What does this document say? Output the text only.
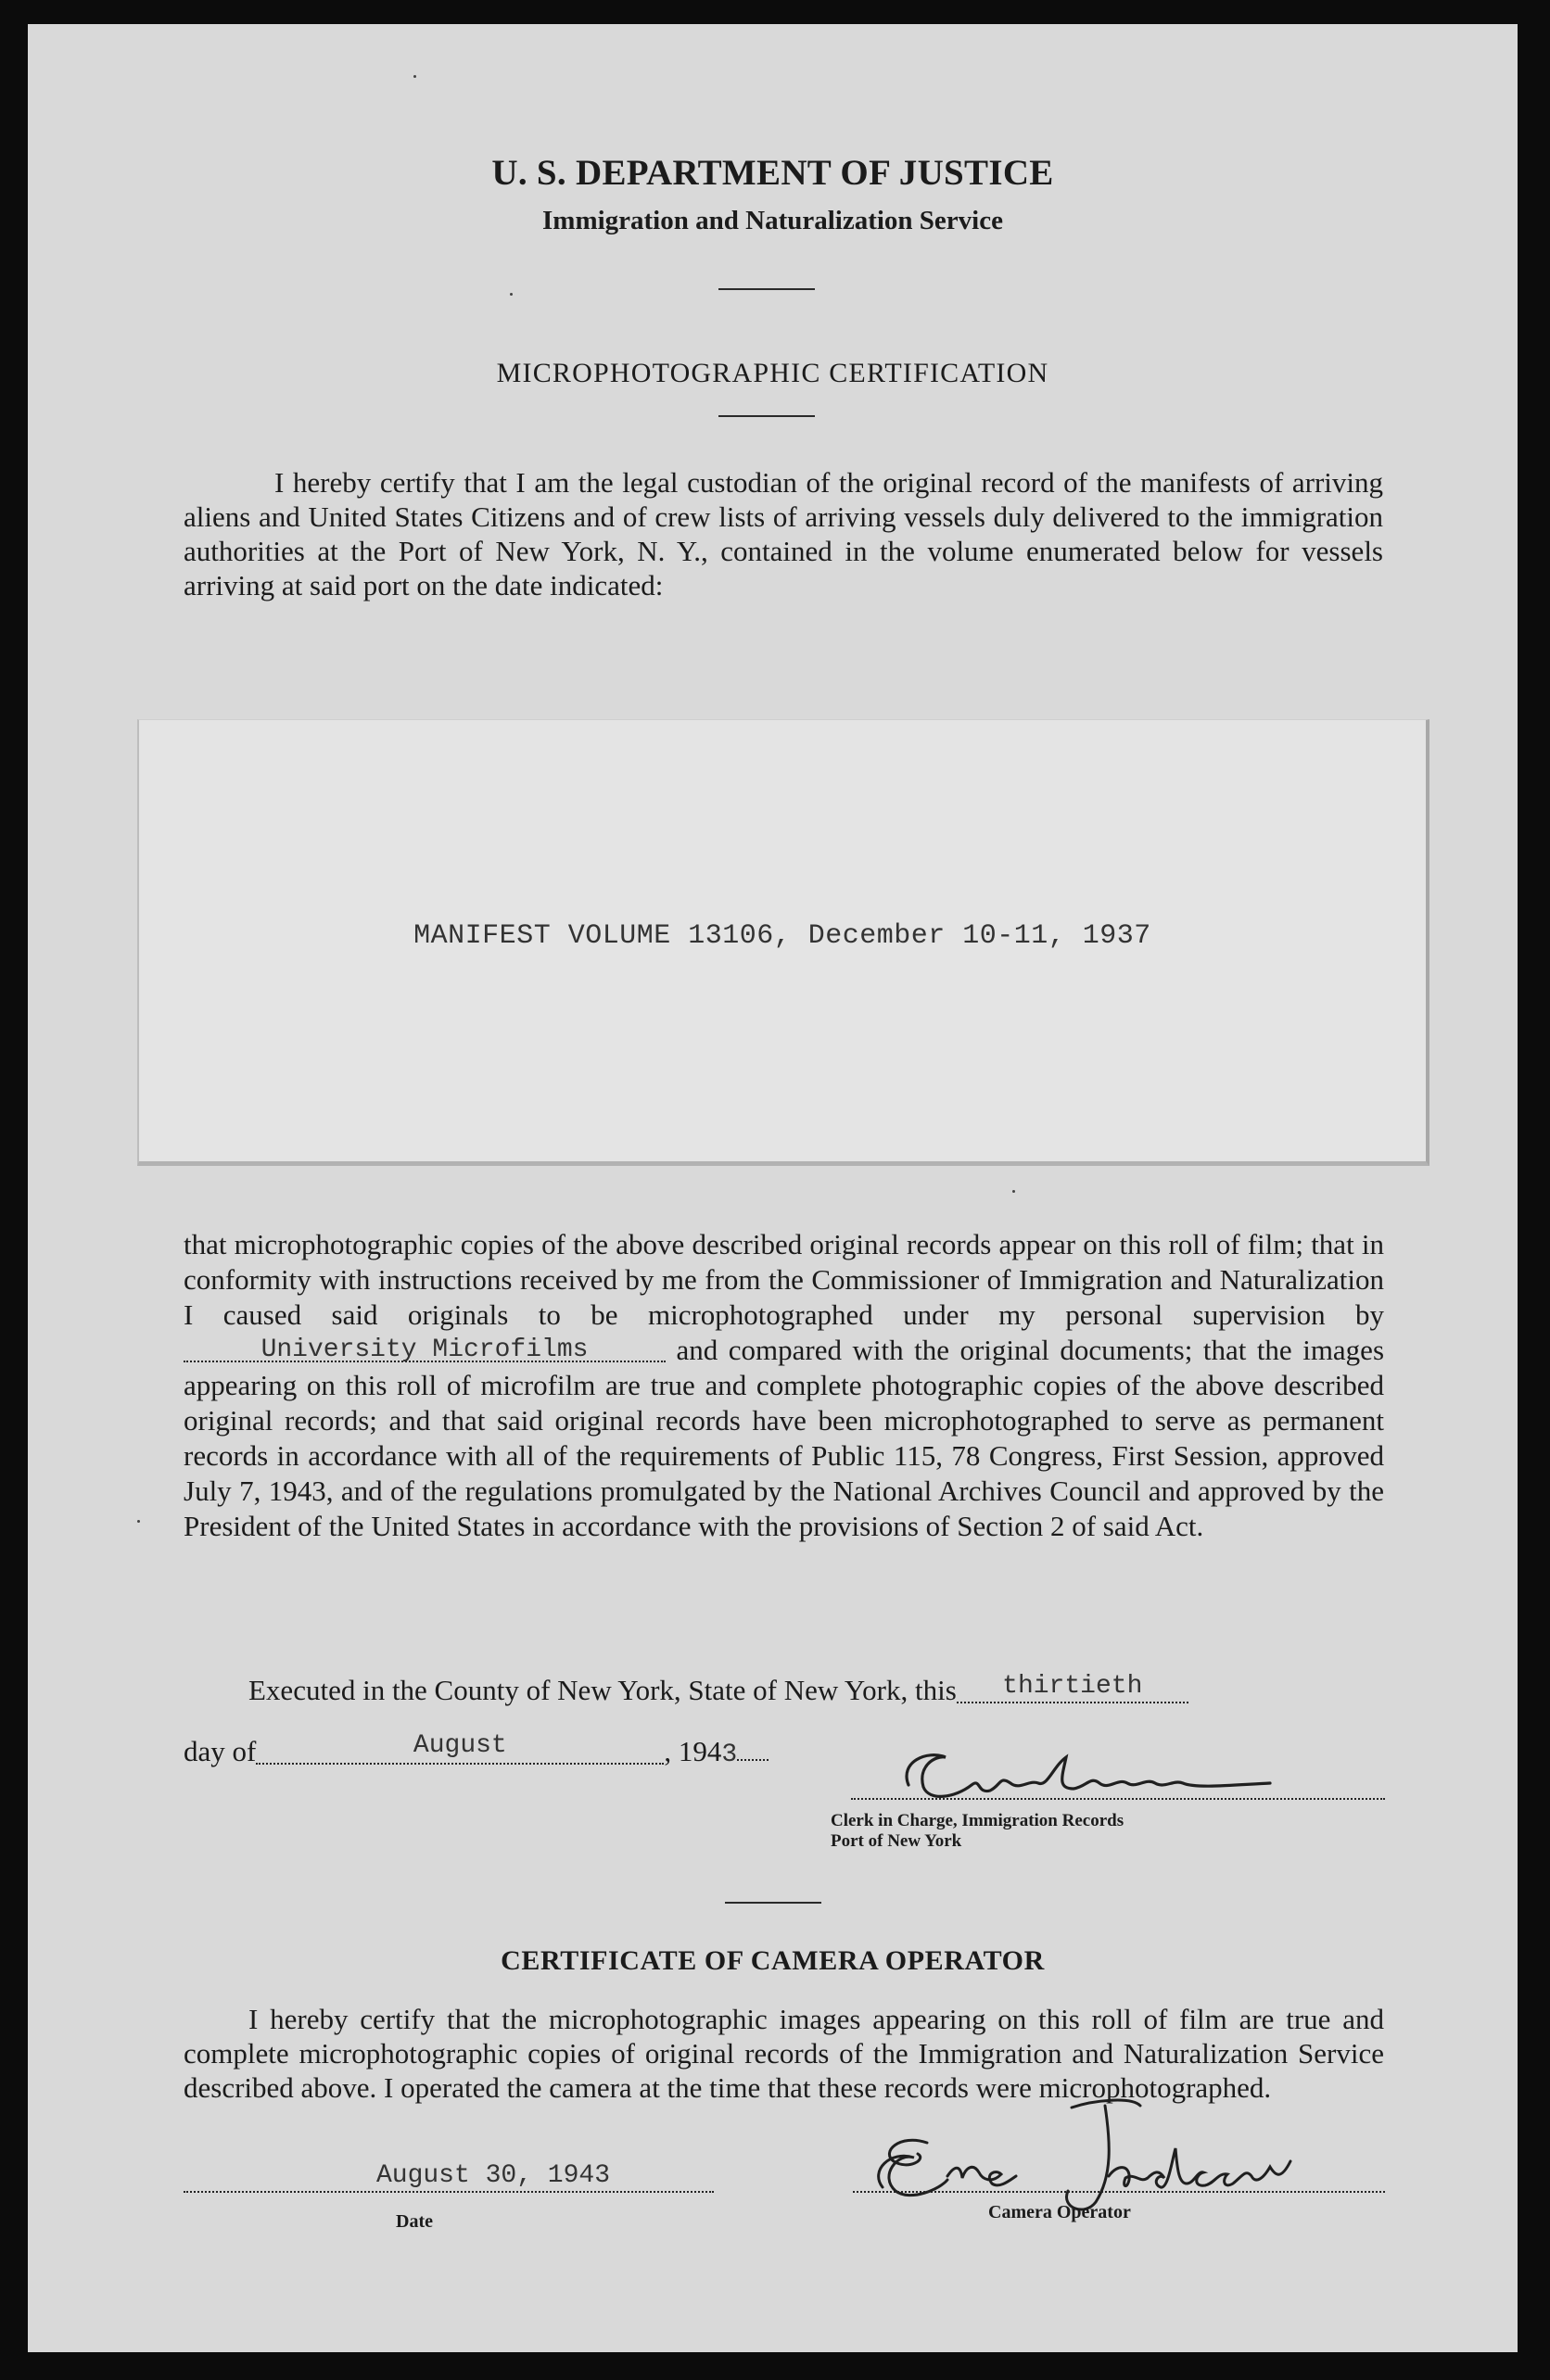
U. S. DEPARTMENT OF JUSTICE
Immigration and Naturalization Service
MICROPHOTOGRAPHIC CERTIFICATION
I hereby certify that I am the legal custodian of the original record of the manifests of arriving aliens and United States Citizens and of crew lists of arriving vessels duly delivered to the immigration authorities at the Port of New York, N. Y., contained in the volume enumerated below for vessels arriving at said port on the date indicated:
MANIFEST VOLUME 13106, December 10-11, 1937
that microphotographic copies of the above described original records appear on this roll of film; that in conformity with instructions received by me from the Commissioner of Immigration and Naturalization I caused said originals to be microphotographed under my personal supervision byUniversity Microfilms	and compared with the original documents; that the images appearing on this roll of microfilm are true and complete photographic copies of the above described original records; and that said original records have been microphotographed to serve as permanent records in accordance with all of the requirements of Public 115, 78 Congress, First Session, approved July 7, 1943, and of the regulations promulgated by the National Archives Council and approved by the President of the United States in accordance with the provisions of Section 2 of said Act.
Executed in the County of New York, State of New York, this thirtieth
day of	August	, 1943
Clerk in Charge, Immigration Records
Port of New York
CERTIFICATE OF CAMERA OPERATOR
I hereby certify that the microphotographic images appearing on this roll of film are true and complete microphotographic copies of original records of the Immigration and Naturalization Service described above. I operated the camera at the time that these records were microphotographed.
August 30, 1943
Date	Camera Operator
